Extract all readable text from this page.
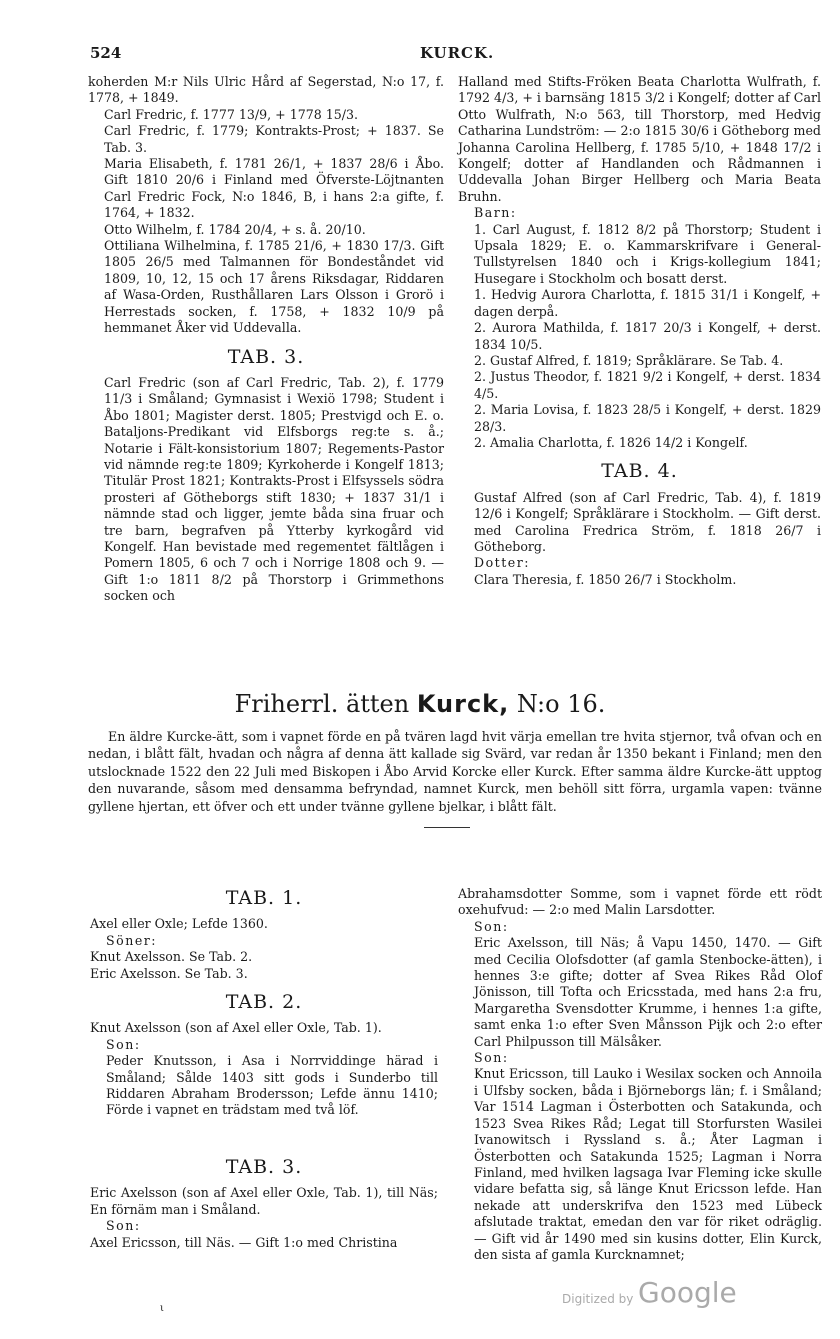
524	KURCK.

koherden M:r Nils Ulric Hård af Segerstad, N:o 17, f. 1778, + 1849.

Carl Fredric, f. 1777 13/9, + 1778 15/3.

Carl Fredric, f. 1779; Kontrakts-Prost; + 1837. Se Tab. 3.

Maria Elisabeth, f. 1781 26/1, + 1837 28/6 i Åbo. Gift 1810 20/6 i Finland med Öfverste-Löjtnanten Carl Fredric Fock, N:o 1846, B, i hans 2:a gifte, f. 1764, + 1832.

Otto Wilhelm, f. 1784 20/4, + s. å. 20/10.

Ottiliana Wilhelmina, f. 1785 21/6, + 1830 17/3. Gift 1805 26/5 med Talmannen för Bondeståndet vid 1809, 10, 12, 15 och 17 årens Riksdagar, Riddaren af Wasa-Orden, Rusthållaren Lars Olsson i Grorö i Herrestads socken, f. 1758, + 1832 10/9 på hemmanet Åker vid Uddevalla.

TAB. 3.

Carl Fredric (son af Carl Fredric, Tab. 2), f. 1779 11/3 i Småland; Gymnasist i Wexiö 1798; Student i Åbo 1801; Magister derst. 1805; Prestvigd och E. o. Bataljons-Predikant vid Elfsborgs reg:te s. å.; Notarie i Fält-konsistorium 1807; Regements-Pastor vid nämnde reg:te 1809; Kyrkoherde i Kongelf 1813; Titulär Prost 1821; Kontrakts-Prost i Elfsyssels södra prosteri af Götheborgs stift 1830; + 1837 31/1 i nämnde stad och ligger, jemte båda sina fruar och tre barn, begrafven på Ytterby kyrkogård vid Kongelf. Han bevistade med regementet fältlågen i Pomern 1805, 6 och 7 och i Norrige 1808 och 9. — Gift 1:o 1811 8/2 på Thorstorp i Grimmethons socken och

Halland med Stifts-Fröken Beata Charlotta Wulfrath, f. 1792 4/3, + i barnsäng 1815 3/2 i Kongelf; dotter af Carl Otto Wulfrath, N:o 563, till Thorstorp, med Hedvig Catharina Lundström: — 2:o 1815 30/6 i Götheborg med Johanna Carolina Hellberg, f. 1785 5/10, + 1848 17/2 i Kongelf; dotter af Handlanden och Rådmannen i Uddevalla Johan Birger Hellberg och Maria Beata Bruhn.

Barn:

1. Carl August, f. 1812 8/2 på Thorstorp; Student i Upsala 1829; E. o. Kammarskrifvare i General-Tullstyrelsen 1840 och i Krigs-kollegium 1841; Husegare i Stockholm och bosatt derst.

1. Hedvig Aurora Charlotta, f. 1815 31/1 i Kongelf, + dagen derpå.

2. Aurora Mathilda, f. 1817 20/3 i Kongelf, + derst. 1834 10/5.

2. Gustaf Alfred, f. 1819; Språklärare. Se Tab. 4.

2. Justus Theodor, f. 1821 9/2 i Kongelf, + derst. 1834 4/5.

2. Maria Lovisa, f. 1823 28/5 i Kongelf, + derst. 1829 28/3.

2. Amalia Charlotta, f. 1826 14/2 i Kongelf.

TAB. 4.

Gustaf Alfred (son af Carl Fredric, Tab. 4), f. 1819 12/6 i Kongelf; Språklärare i Stockholm. — Gift derst. med Carolina Fredrica Ström, f. 1818 26/7 i Götheborg.

Dotter:

Clara Theresia, f. 1850 26/7 i Stockholm.

Friherrl. ätten Kurck, N:o 16.

En äldre Kurcke-ätt, som i vapnet förde en på tvären lagd hvit värja emellan tre hvita stjernor, två ofvan och en nedan, i blått fält, hvadan och några af denna ätt kallade sig Svärd, var redan år 1350 bekant i Finland; men den utslocknade 1522 den 22 Juli med Biskopen i Åbo Arvid Korcke eller Kurck. Efter samma äldre Kurcke-ätt upptog den nuvarande, såsom med densamma befryndad, namnet Kurck, men behöll sitt förra, urgamla vapen: tvänne gyllene hjertan, ett öfver och ett under tvänne gyllene bjelkar, i blått fält.

TAB. 1.

Axel eller Oxle; Lefde 1360.

Söner:

Knut Axelsson. Se Tab. 2.

Eric Axelsson. Se Tab. 3.

TAB. 2.

Knut Axelsson (son af Axel eller Oxle, Tab. 1).

Son:

Peder Knutsson, i Asa i Norrviddinge härad i Småland; Sålde 1403 sitt gods i Sunderbo till Riddaren Abraham Brodersson; Lefde ännu 1410; Förde i vapnet en trädstam med två löf.

TAB. 3.

Eric Axelsson (son af Axel eller Oxle, Tab. 1), till Näs; En förnäm man i Småland.

Son:

Axel Ericsson, till Näs. — Gift 1:o med Christina

Abrahamsdotter Somme, som i vapnet förde ett rödt oxehufvud: — 2:o med Malin Larsdotter.

Son:

Eric Axelsson, till Näs; å Vapu 1450, 1470. — Gift med Cecilia Olofsdotter (af gamla Stenbocke-ätten), i hennes 3:e gifte; dotter af Svea Rikes Råd Olof Jönisson, till Tofta och Ericsstada, med hans 2:a fru, Margaretha Svensdotter Krumme, i hennes 1:a gifte, samt enka 1:o efter Sven Månsson Pijk och 2:o efter Carl Philpusson till Mälsåker.

Son:

Knut Ericsson, till Lauko i Wesilax socken och Annoila i Ulfsby socken, båda i Björneborgs län; f. i Småland; Var 1514 Lagman i Österbotten och Satakunda, och 1523 Svea Rikes Råd; Legat till Storfursten Wasilei Ivanowitsch i Ryssland s. å.; Åter Lagman i Österbotten och Satakunda 1525; Lagman i Norra Finland, med hvilken lagsaga Ivar Fleming icke skulle vidare befatta sig, så länge Knut Ericsson lefde. Han nekade att underskrifva den 1523 med Lübeck afslutade traktat, emedan den var för riket odräglig. — Gift vid år 1490 med sin kusins dotter, Elin Kurck, den sista af gamla Kurcknamnet;

ι
Digitized by Google
